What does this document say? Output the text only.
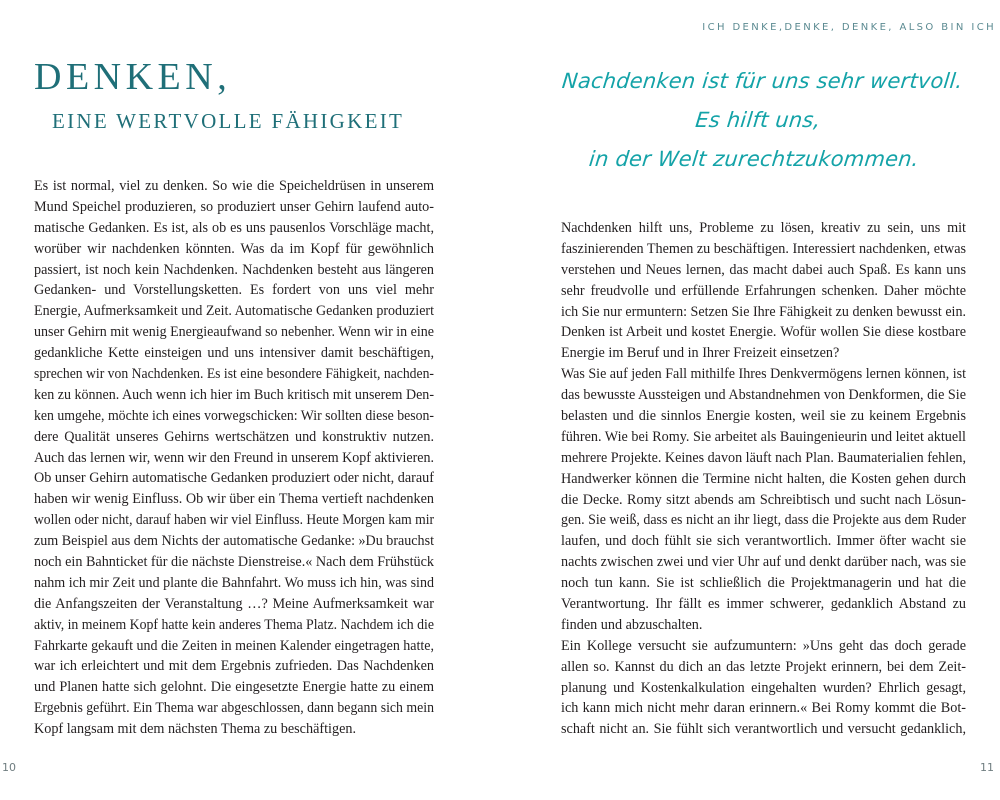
DENKEN,
EINE WERTVOLLE FÄHIGKEIT
Es ist normal, viel zu denken. So wie die Speicheldrüsen in unserem
Mund Speichel produzieren, so produziert unser Gehirn laufend auto-
matische Gedanken. Es ist, als ob es uns pausenlos Vorschläge macht,
worüber wir nachdenken könnten. Was da im Kopf für gewöhnlich
passiert, ist noch kein Nachdenken. Nachdenken besteht aus längeren
Gedanken- und Vorstellungsketten. Es fordert von uns viel mehr
Energie, Aufmerksamkeit und Zeit. Automatische Gedanken produziert
unser Gehirn mit wenig Energieaufwand so nebenher. Wenn wir in eine
gedankliche Kette einsteigen und uns intensiver damit beschäftigen,
sprechen wir von Nachdenken. Es ist eine besondere Fähigkeit, nachden-
ken zu können. Auch wenn ich hier im Buch kritisch mit unserem Den-
ken umgehe, möchte ich eines vorwegschicken: Wir sollten diese beson-
dere Qualität unseres Gehirns wertschätzen und konstruktiv nutzen.
Auch das lernen wir, wenn wir den Freund in unserem Kopf aktivieren.
Ob unser Gehirn automatische Gedanken produziert oder nicht, darauf
haben wir wenig Einfluss. Ob wir über ein Thema vertieft nachdenken
wollen oder nicht, darauf haben wir viel Einfluss. Heute Morgen kam mir
zum Beispiel aus dem Nichts der automatische Gedanke: »Du brauchst
noch ein Bahnticket für die nächste Dienstreise.« Nach dem Frühstück
nahm ich mir Zeit und plante die Bahnfahrt. Wo muss ich hin, was sind
die Anfangszeiten der Veranstaltung …? Meine Aufmerksamkeit war
aktiv, in meinem Kopf hatte kein anderes Thema Platz. Nachdem ich die
Fahrkarte gekauft und die Zeiten in meinen Kalender eingetragen hatte,
war ich erleichtert und mit dem Ergebnis zufrieden. Das Nachdenken
und Planen hatte sich gelohnt. Die eingesetzte Energie hatte zu einem
Ergebnis geführt. Ein Thema war abgeschlossen, dann begann sich mein
Kopf langsam mit dem nächsten Thema zu beschäftigen.
10
ICH DENKE,DENKE, DENKE, ALSO BIN ICH
Nachdenken ist für uns sehr wertvoll.
Es hilft uns,
in der Welt zurechtzukommen.
Nachdenken hilft uns, Probleme zu lösen, kreativ zu sein, uns mit
faszinierenden Themen zu beschäftigen. Interessiert nachdenken, etwas
verstehen und Neues lernen, das macht dabei auch Spaß. Es kann uns
sehr freudvolle und erfüllende Erfahrungen schenken. Daher möchte
ich Sie nur ermuntern: Setzen Sie Ihre Fähigkeit zu denken bewusst ein.
Denken ist Arbeit und kostet Energie. Wofür wollen Sie diese kostbare
Energie im Beruf und in Ihrer Freizeit einsetzen?
Was Sie auf jeden Fall mithilfe Ihres Denkvermögens lernen können, ist
das bewusste Aussteigen und Abstandnehmen von Denkformen, die Sie
belasten und die sinnlos Energie kosten, weil sie zu keinem Ergebnis
führen. Wie bei Romy. Sie arbeitet als Bauingenieurin und leitet aktuell
mehrere Projekte. Keines davon läuft nach Plan. Baumaterialien fehlen,
Handwerker können die Termine nicht halten, die Kosten gehen durch
die Decke. Romy sitzt abends am Schreibtisch und sucht nach Lösun-
gen. Sie weiß, dass es nicht an ihr liegt, dass die Projekte aus dem Ruder
laufen, und doch fühlt sie sich verantwortlich. Immer öfter wacht sie
nachts zwischen zwei und vier Uhr auf und denkt darüber nach, was sie
noch tun kann. Sie ist schließlich die Projektmanagerin und hat die
Verantwortung. Ihr fällt es immer schwerer, gedanklich Abstand zu
finden und abzuschalten.
Ein Kollege versucht sie aufzumuntern: »Uns geht das doch gerade
allen so. Kannst du dich an das letzte Projekt erinnern, bei dem Zeit-
planung und Kostenkalkulation eingehalten wurden? Ehrlich gesagt,
ich kann mich nicht mehr daran erinnern.« Bei Romy kommt die Bot-
schaft nicht an. Sie fühlt sich verantwortlich und versucht gedanklich,
11
